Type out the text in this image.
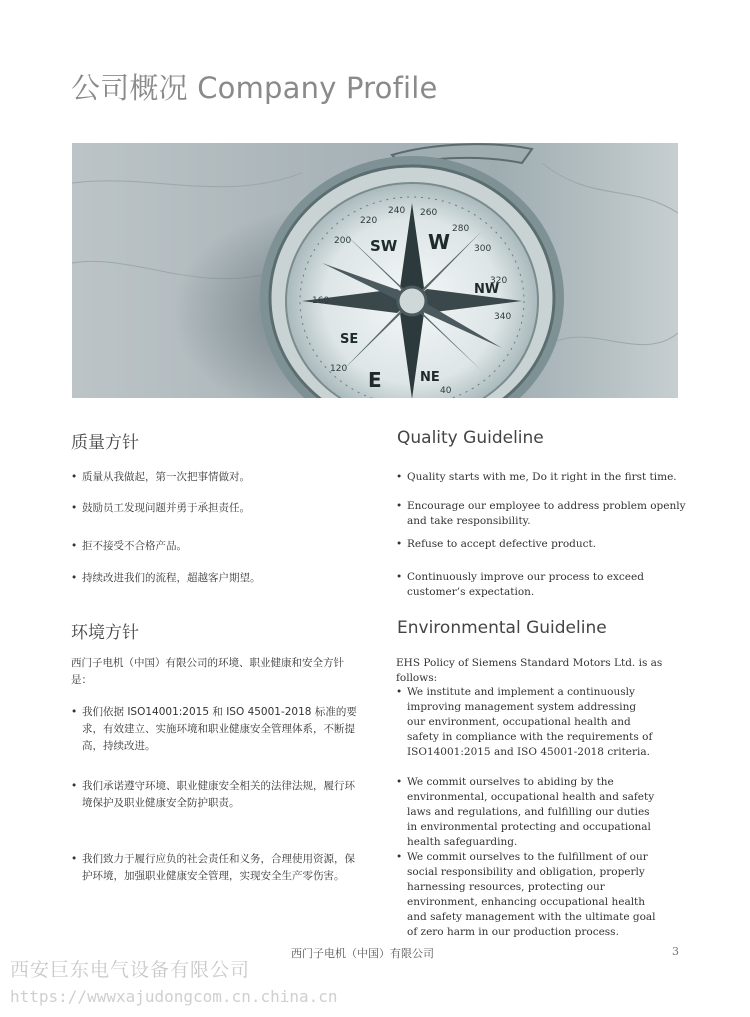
公司概况 Company Profile
220
240 260
280
300
320
340
200
160
120
40
SW W
NW
SE
E	NE
质量方针	Quality Guideline
• 质量从我做起，第一次把事情做对。
• 鼓励员工发现问题并勇于承担责任。
• 拒不接受不合格产品。
• 持续改进我们的流程，超越客户期望。
• Quality starts with me, Do it right in the first time.
• Encourage our employee to address problem openly and take responsibility.
• Refuse to accept defective product.
• Continuously improve our process to exceed customer’s expectation.
环境方针	Environmental Guideline
西门子电机（中国）有限公司的环境、职业健康和安全方针是：
• 我们依据 ISO14001:2015 和 ISO 45001-2018 标准的要求，有效建立、实施环境和职业健康安全管理体系，不断提高，持续改进。
• 我们承诺遵守环境、职业健康安全相关的法律法规，履行环境保护及职业健康安全防护职责。
• 我们致力于履行应负的社会责任和义务，合理使用资源，保护环境，加强职业健康安全管理，实现安全生产零伤害。
EHS Policy of Siemens Standard Motors Ltd. is as follows:
• We institute and implement a continuously improving management system addressing our environment, occupational health and safety in compliance with the requirements of ISO14001:2015 and ISO 45001-2018 criteria.
• We commit ourselves to abiding by the environmental, occupational health and safety laws and regulations, and fulfilling our duties in environmental protecting and occupational health safeguarding.
• We commit ourselves to the fulfillment of our social responsibility and obligation, properly harnessing resources, protecting our environment, enhancing occupational health and safety management with the ultimate goal of zero harm in our production process.
西门子电机（中国）有限公司	3
西安巨东电气设备有限公司
https://wwwxajudongcom.cn.china.cn
